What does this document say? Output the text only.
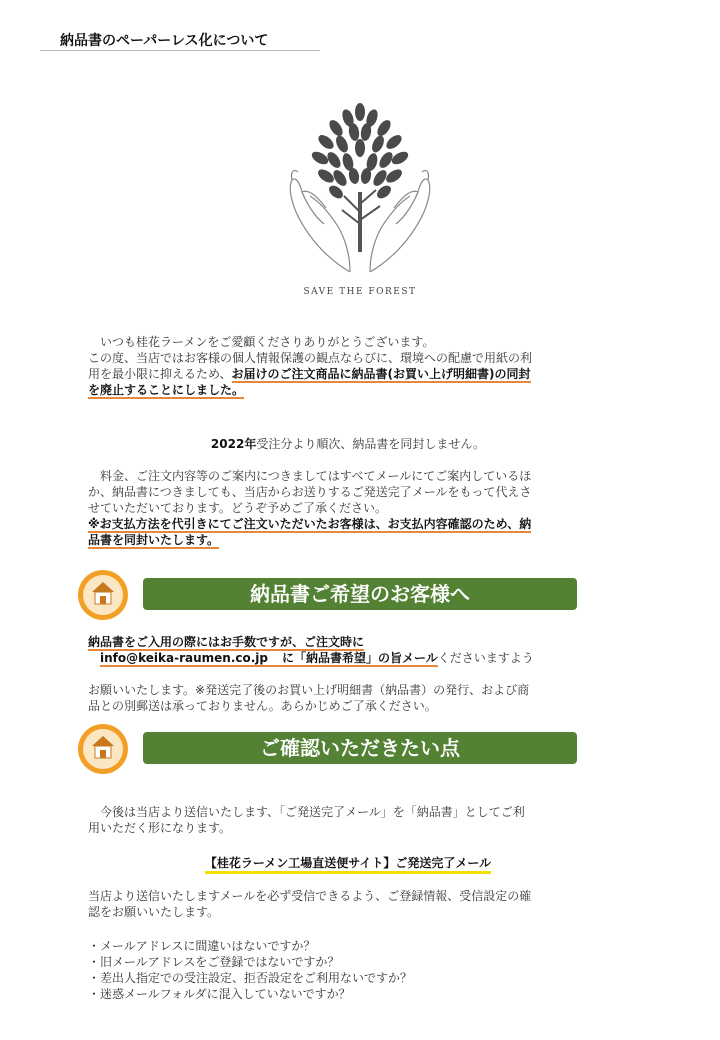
納品書のペーパーレス化について
SAVE THE FOREST

いつも桂花ラーメンをご愛顧くださりありがとうございます。

この度、当店ではお客様の個人情報保護の観点ならびに、環境への配慮で用紙の利

用を最小限に抑えるため、お届けのご注文商品に納品書(お買い上げ明細書)の同封

を廃止することにしました。

2022年受注分より順次、納品書を同封しません。

料金、ご注文内容等のご案内につきましてはすべてメールにてご案内しているほ

か、納品書につきましても、当店からお送りするご発送完了メールをもって代えさ

せていただいております。どうぞ予めご了承ください。

※お支払方法を代引きにてご注文いただいたお客様は、お支払内容確認のため、納

品書を同封いたします。

納品書ご希望のお客様へ

納品書をご入用の際にはお手数ですが、ご注文時に

info@keika-raumen.co.jp に「納品書希望」の旨メールくださいますよう

お願いいたします。※発送完了後のお買い上げ明細書（納品書）の発行、および商

品との別郵送は承っておりません。あらかじめご了承ください。

ご確認いただきたい点

今後は当店より送信いたします、「ご発送完了メール」を「納品書」としてご利

用いただく形になります。

【桂花ラーメン工場直送便サイト】ご発送完了メール

当店より送信いたしますメールを必ず受信できるよう、ご登録情報、受信設定の確

認をお願いいたします。

・メールアドレスに間違いはないですか？
・旧メールアドレスをご登録ではないですか？
・差出人指定での受注設定、拒否設定をご利用ないですか？
・迷惑メールフォルダに混入していないですか？
